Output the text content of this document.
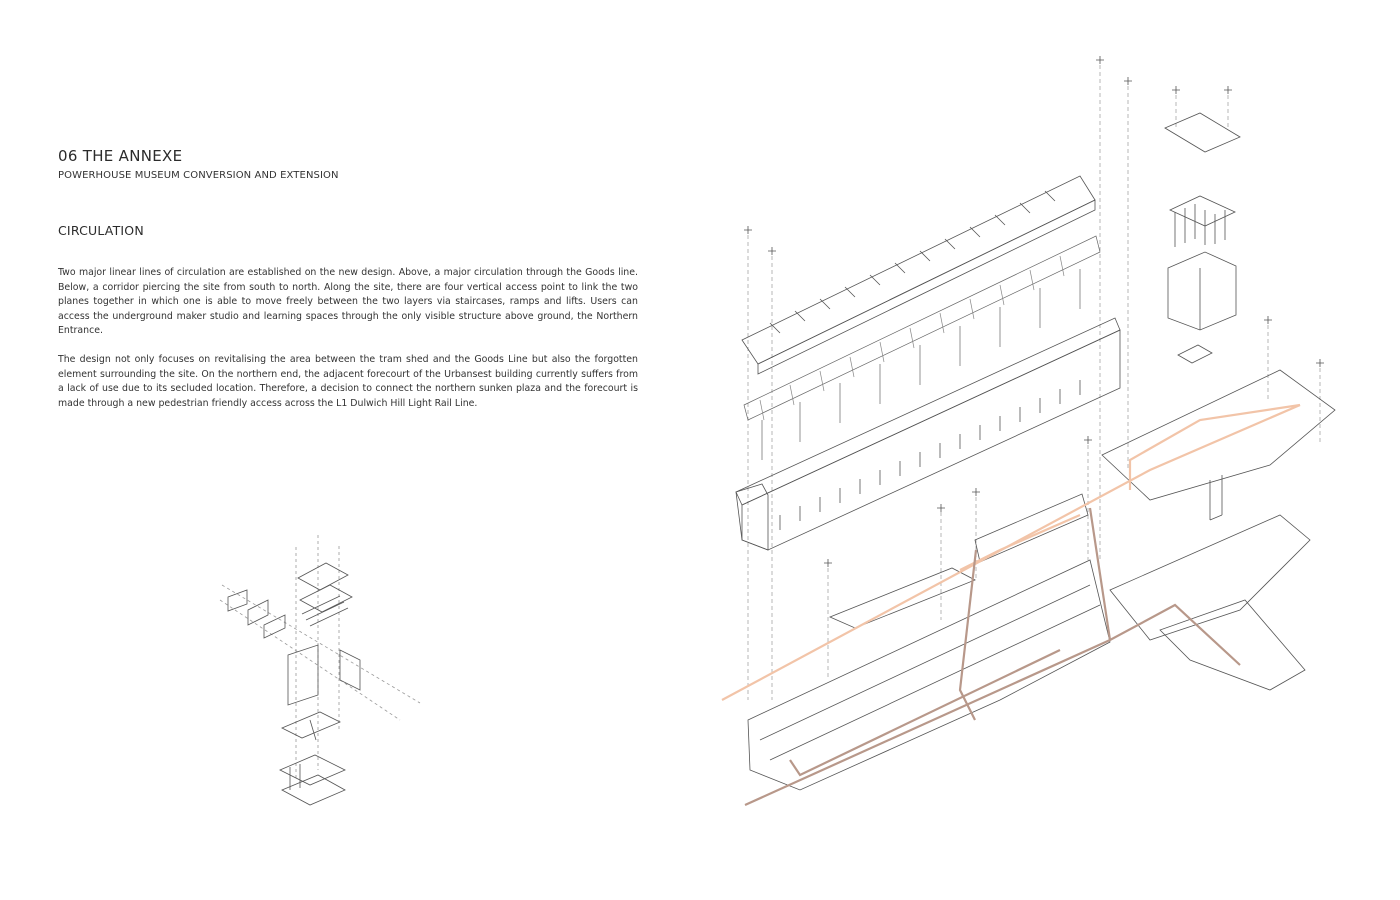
06 THE ANNEXE
POWERHOUSE MUSEUM CONVERSION AND EXTENSION
CIRCULATION

Two major linear lines of circulation are established on the new design. Above, a major circulation through the Goods line. Below, a corridor piercing the site from south to north. Along the site, there are four vertical access point to link the two planes together in which one is able to move freely between the two layers via staircases, ramps and lifts. Users can access the underground maker studio and learning spaces through the only visible structure above ground, the Northern Entrance.

The design not only focuses on revitalising the area between the tram shed and the Goods Line but also the forgotten element surrounding the site. On the northern end, the adjacent forecourt of the Urbansest building currently suffers from a lack of use due to its secluded location. Therefore, a decision to connect the northern sunken plaza and the forecourt is made through a new pedestrian friendly access across the L1 Dulwich Hill Light Rail Line.
